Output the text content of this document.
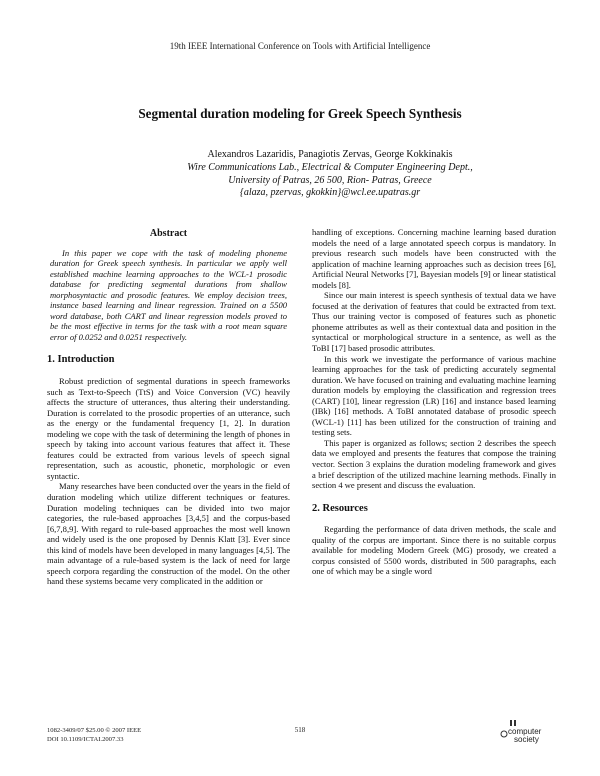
19th IEEE International Conference on Tools with Artificial Intelligence
Segmental duration modeling for Greek Speech Synthesis
Alexandros Lazaridis, Panagiotis Zervas, George Kokkinakis
Wire Communications Lab., Electrical & Computer Engineering Dept.,
University of Patras, 26 500, Rion- Patras, Greece
{alaza, pzervas, gkokkin}@wcl.ee.upatras.gr
Abstract

In this paper we cope with the task of modeling phoneme duration for Greek speech synthesis. In particular we apply well established machine learning approaches to the WCL-1 prosodic database for predicting segmental durations from shallow morphosyntactic and prosodic features. We employ decision trees, instance based learning and linear regression. Trained on a 5500 word database, both CART and linear regression models proved to be the most effective in terms for the task with a root mean square error of 0.0252 and 0.0251 respectively.

1. Introduction

Robust prediction of segmental durations in speech frameworks such as Text-to-Speech (TtS) and Voice Conversion (VC) heavily affects the structure of utterances, thus altering their understanding. Duration is correlated to the prosodic properties of an utterance, such as the energy or the fundamental frequency [1, 2]. In duration modeling we cope with the task of determining the length of phones in speech by taking into account various features that affect it. These features could be extracted from various levels of speech signal representation, such as acoustic, phonetic, morphologic or even syntactic.

Many researches have been conducted over the years in the field of duration modeling which utilize different techniques or features. Duration modeling techniques can be divided into two major categories, the rule-based approaches [3,4,5] and the corpus-based [6,7,8,9]. With regard to rule-based approaches the most well known and widely used is the one proposed by Dennis Klatt [3]. Ever since this kind of models have been developed in many languages [4,5]. The main advantage of a rule-based system is the lack of need for large speech corpora regarding the construction of the model. On the other hand these systems became very complicated in the addition or

handling of exceptions. Concerning machine learning based duration models the need of a large annotated speech corpus is mandatory. In previous research such models have been constructed with the application of machine learning approaches such as decision trees [6], Artificial Neural Networks [7], Bayesian models [9] or linear statistical models [8].

Since our main interest is speech synthesis of textual data we have focused at the derivation of features that could be extracted from text. Thus our training vector is composed of features such as phonetic phoneme attributes as well as their contextual data and position in the syntactical or morphological structure in a sentence, as well as the ToBI [17] based prosodic attributes.

In this work we investigate the performance of various machine learning approaches for the task of predicting accurately segmental duration. We have focused on training and evaluating machine learning duration models by employing the classification and regression trees (CART) [10], linear regression (LR) [16] and instance based learning (IBk) [16] methods. A ToBI annotated database of prosodic speech (WCL-1) [11] has been utilized for the construction of training and testing sets.

This paper is organized as follows; section 2 describes the speech data we employed and presents the features that compose the training vector. Section 3 explains the duration modeling framework and gives a brief description of the utilized machine learning methods. Finally in section 4 we present and discuss the evaluation.

2. Resources

Regarding the performance of data driven methods, the scale and quality of the corpus are important. Since there is no suitable corpus available for modeling Modern Greek (MG) prosody, we created a corpus consisted of 5500 words, distributed in 500 paragraphs, each one of which may be a single word

1082-3409/07 $25.00 © 2007 IEEE
DOI 10.1109/ICTAI.2007.33
518	computer
society
